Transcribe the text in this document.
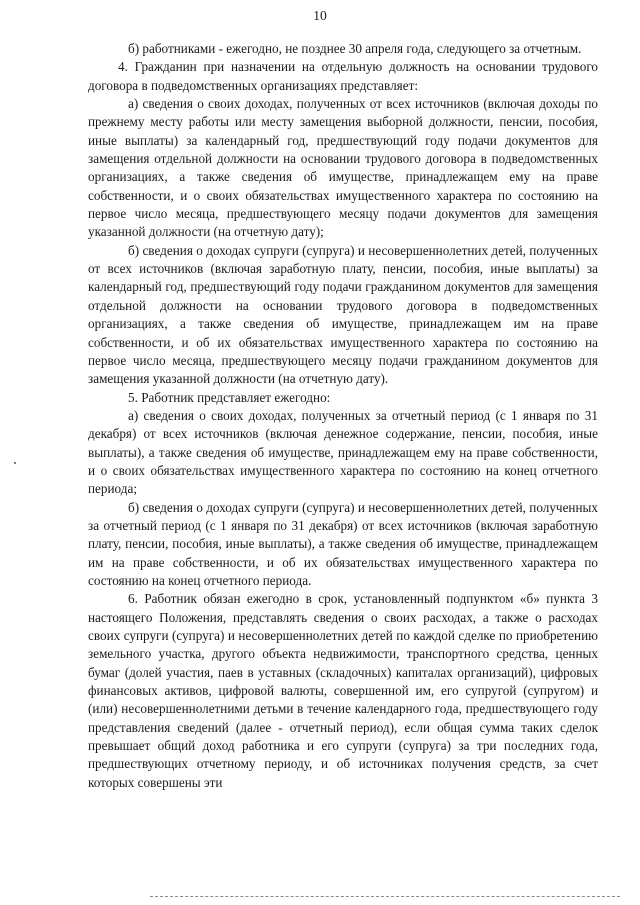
10

б) работниками - ежегодно, не позднее 30 апреля года, следующего за отчетным.

4. Гражданин при назначении на отдельную должность на основании трудового договора в подведомственных организациях представляет:

а) сведения о своих доходах, полученных от всех источников (включая доходы по прежнему месту работы или месту замещения выборной должности, пенсии, пособия, иные выплаты) за календарный год, предшествующий году подачи документов для замещения отдельной должности на основании трудового договора в подведомственных организациях, а также сведения об имуществе, принадлежащем ему на праве собственности, и о своих обязательствах имущественного характера по состоянию на первое число месяца, предшествующего месяцу подачи документов для замещения указанной должности (на отчетную дату);

б) сведения о доходах супруги (супруга) и несовершеннолетних детей, полученных от всех источников (включая заработную плату, пенсии, пособия, иные выплаты) за календарный год, предшествующий году подачи гражданином документов для замещения отдельной должности на основании трудового договора в подведомственных организациях, а также сведения об имуществе, принадлежащем им на праве собственности, и об их обязательствах имущественного характера по состоянию на первое число месяца, предшествующего месяцу подачи гражданином документов для замещения указанной должности (на отчетную дату).

5. Работник представляет ежегодно:

а) сведения о своих доходах, полученных за отчетный период (с 1 января по 31 декабря) от всех источников (включая денежное содержание, пенсии, пособия, иные выплаты), а также сведения об имуществе, принадлежащем ему на праве собственности, и о своих обязательствах имущественного характера по состоянию на конец отчетного периода;

б) сведения о доходах супруги (супруга) и несовершеннолетних детей, полученных за отчетный период (с 1 января по 31 декабря) от всех источников (включая заработную плату, пенсии, пособия, иные выплаты), а также сведения об имуществе, принадлежащем им на праве собственности, и об их обязательствах имущественного характера по состоянию на конец отчетного периода.

6. Работник обязан ежегодно в срок, установленный подпунктом «б» пункта 3 настоящего Положения, представлять сведения о своих расходах, а также о расходах своих супруги (супруга) и несовершеннолетних детей по каждой сделке по приобретению земельного участка, другого объекта недвижимости, транспортного средства, ценных бумаг (долей участия, паев в уставных (складочных) капиталах организаций), цифровых финансовых активов, цифровой валюты, совершенной им, его супругой (супругом) и (или) несовершеннолетними детьми в течение календарного года, предшествующего году представления сведений (далее - отчетный период), если общая сумма таких сделок превышает общий доход работника и его супруги (супруга) за три последних года, предшествующих отчетному периоду, и об источниках получения средств, за счет которых совершены эти
